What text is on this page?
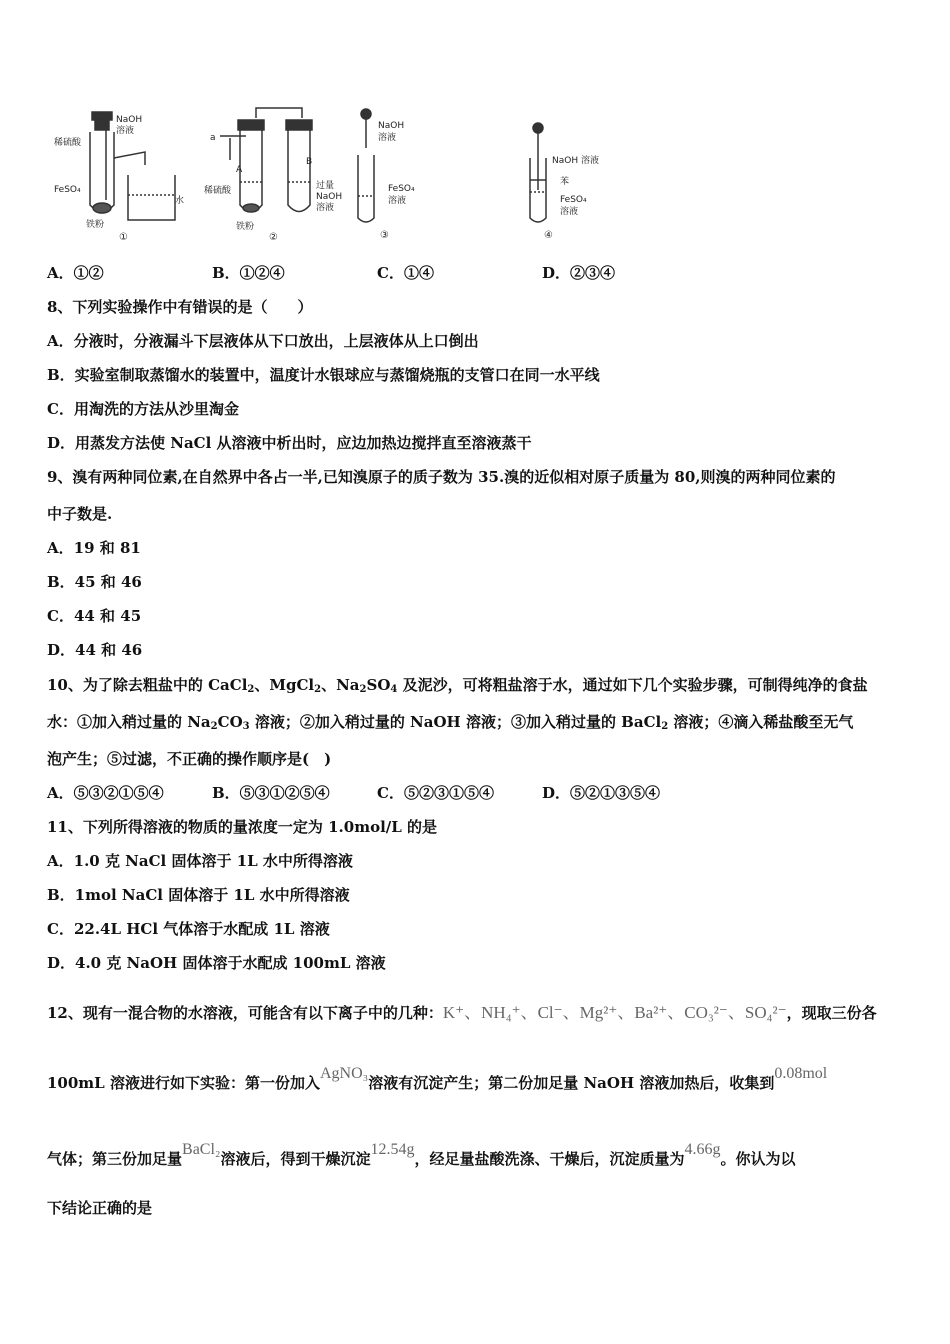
稀硫酸
NaOH
溶液
FeSO₄
铁粉
水
①
a
A
B
稀硫酸	过量
NaOH
溶液
铁粉
②
NaOH
溶液
FeSO₄
溶液
③
NaOH 溶液
苯
FeSO₄
溶液
④
A．①②	B．①②④	C．①④	D．②③④
8、下列实验操作中有错误的是（　　）
A．分液时，分液漏斗下层液体从下口放出，上层液体从上口倒出
B．实验室制取蒸馏水的装置中，温度计水银球应与蒸馏烧瓶的支管口在同一水平线
C．用淘洗的方法从沙里淘金
D．用蒸发方法使 NaCl 从溶液中析出时，应边加热边搅拌直至溶液蒸干
9、溴有两种同位素,在自然界中各占一半,已知溴原子的质子数为 35.溴的近似相对原子质量为 80,则溴的两种同位素的
中子数是.
A．19 和 81
B．45 和 46
C．44 和 45
D．44 和 46
10、为了除去粗盐中的 CaCl$_2$、MgCl$_2$、$Na_2SO_4$ 及泥沙，可将粗盐溶于水，通过如下几个实验步骤，可制得纯净的食盐
水：①加入稍过量的 $Na_2CO_3$ 溶液；②加入稍过量的 NaOH 溶液；③加入稍过量的 BaCl$_2$ 溶液；④滴入稀盐酸至无气
泡产生；⑤过滤，不正确的操作顺序是(　)
A．⑤③②①⑤④	B．⑤③①②⑤④	C．⑤②③①⑤④	D．⑤②①③⑤④
11、下列所得溶液的物质的量浓度一定为 1.0mol/L 的是
A．1.0 克 NaCl 固体溶于 1L 水中所得溶液
B．1mol NaCl 固体溶于 1L 水中所得溶液
C．22.4L HCl 气体溶于水配成 1L 溶液
D．4.0 克 NaOH 固体溶于水配成 100mL 溶液
12、现有一混合物的水溶液，可能含有以下离子中的几种：K⁺、NH₄⁺、Cl⁻、Mg²⁺、Ba²⁺、CO₃²⁻、SO₄²⁻，现取三份各
100mL 溶液进行如下实验：第一份加入AgNO₃溶液有沉淀产生；第二份加足量 NaOH 溶液加热后，收集到0.08mol
气体；第三份加足量BaCl₂溶液后，得到干燥沉淀12.54g，经足量盐酸洗涤、干燥后，沉淀质量为4.66g。你认为以
下结论正确的是
